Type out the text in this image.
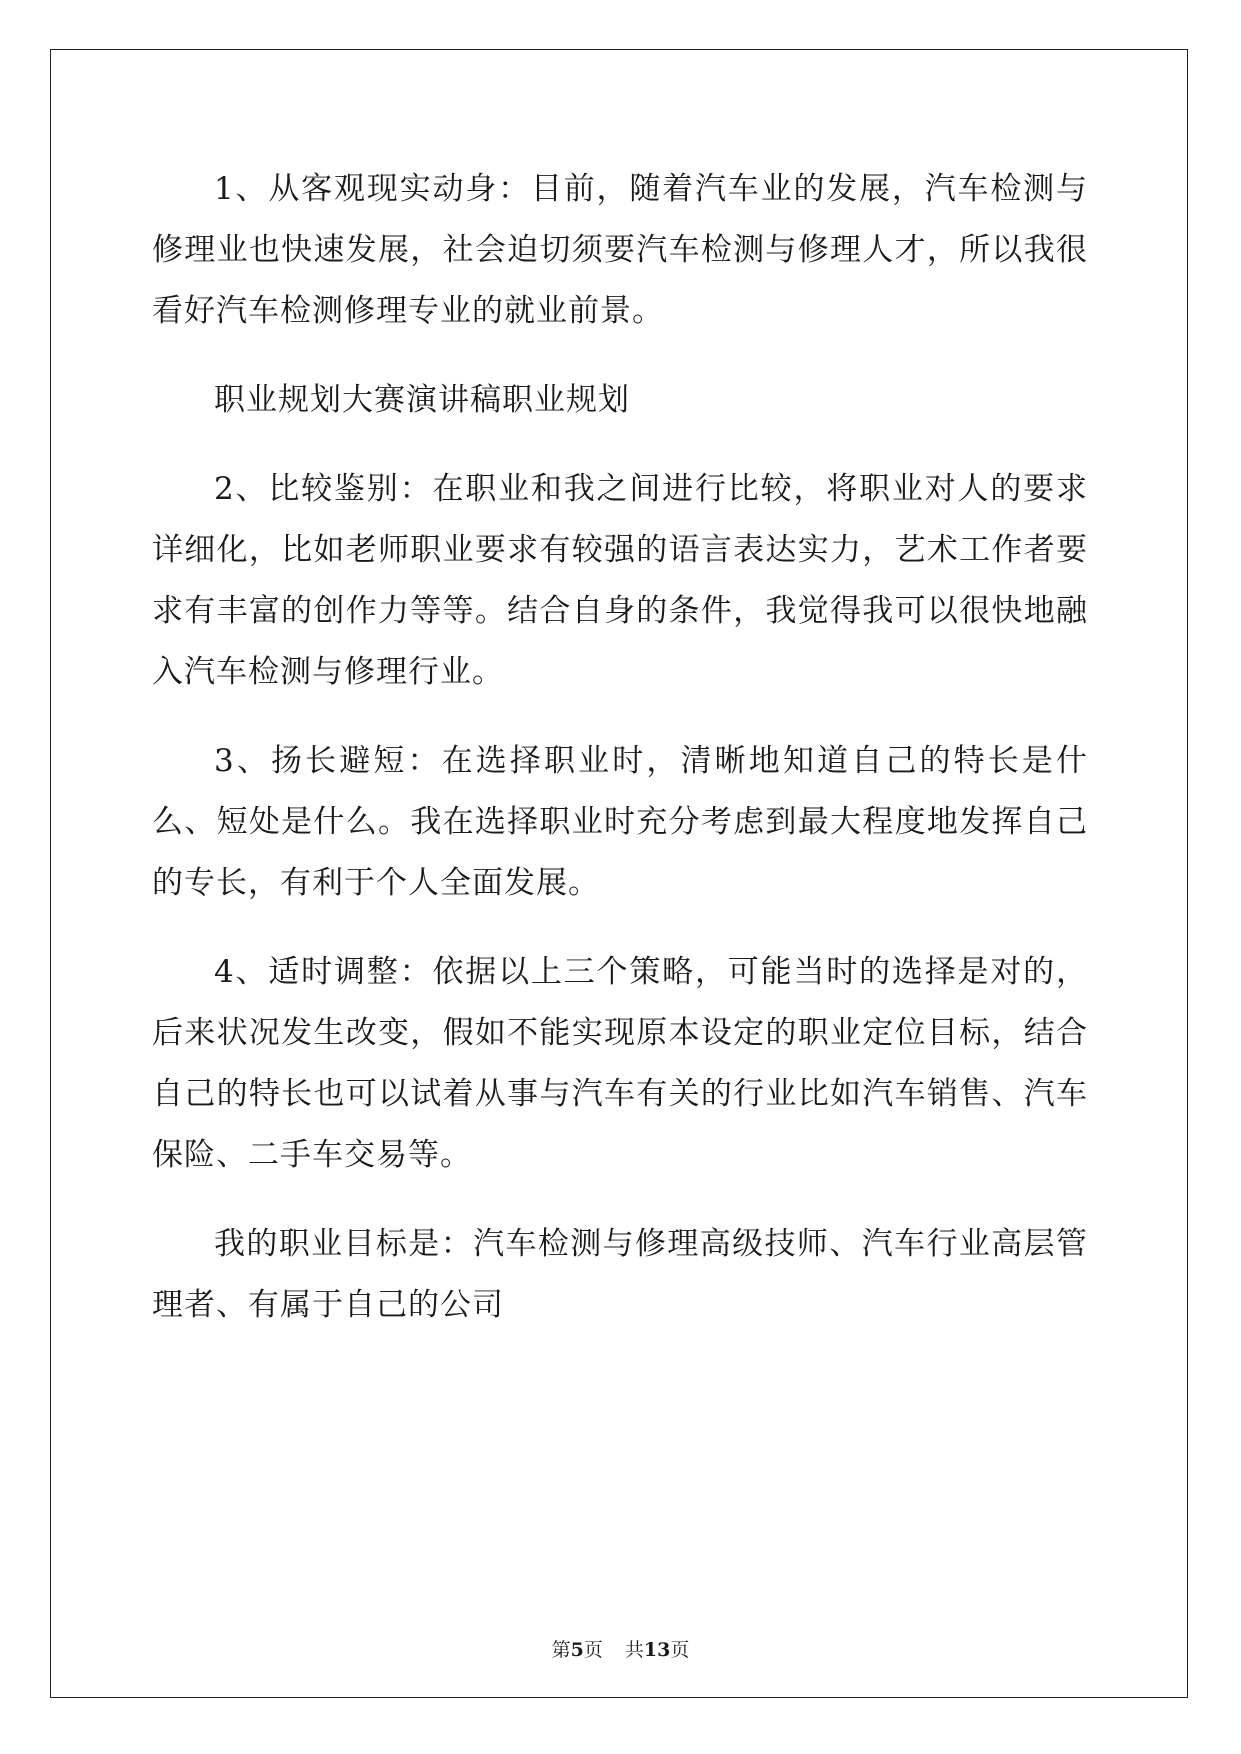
1、从客观现实动身：目前，随着汽车业的发展，汽车检测与修理业也快速发展，社会迫切须要汽车检测与修理人才，所以我很看好汽车检测修理专业的就业前景。

职业规划大赛演讲稿职业规划

2、比较鉴别：在职业和我之间进行比较，将职业对人的要求详细化，比如老师职业要求有较强的语言表达实力，艺术工作者要求有丰富的创作力等等。结合自身的条件，我觉得我可以很快地融入汽车检测与修理行业。

3、扬长避短：在选择职业时，清晰地知道自己的特长是什么、短处是什么。我在选择职业时充分考虑到最大程度地发挥自己的专长，有利于个人全面发展。

4、适时调整：依据以上三个策略，可能当时的选择是对的，后来状况发生改变，假如不能实现原本设定的职业定位目标，结合自己的特长也可以试着从事与汽车有关的行业比如汽车销售、汽车保险、二手车交易等。

我的职业目标是：汽车检测与修理高级技师、汽车行业高层管理者、有属于自己的公司

第5页 共13页
